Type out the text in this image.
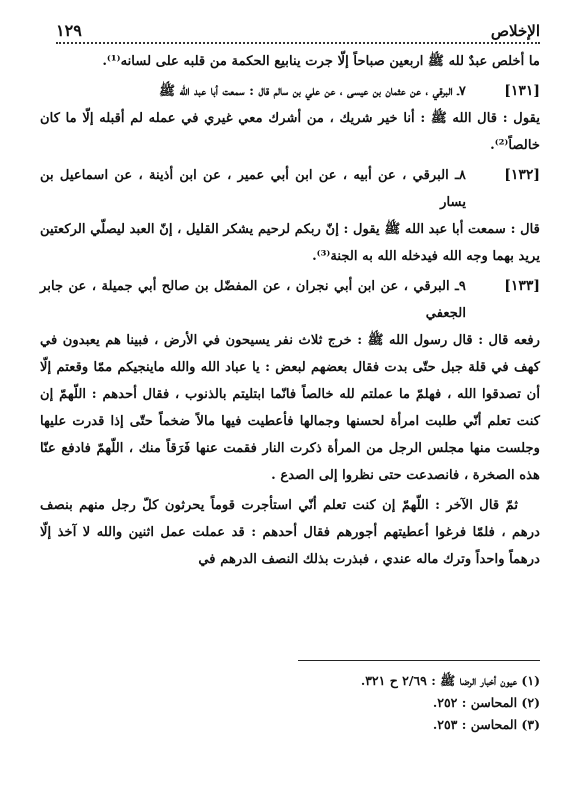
الإخلاص
١٢٩

ما أخلص عبدٌ لله ﷺ اربعين صباحاً إلّا جرت ينابيع الحكمة من قلبه على لسانه⁽¹⁾.

[١٣١]
٧ـ البرقي ، عن عثمان بن عيسى ، عن علي بن سالم قال : سمعت أبا عبد الله ﷺ
يقول : قال الله ﷺ : أنا خير شريك ، من أشرك معي غيري في عمله لم أقبله إلّا ما كان خالصاً⁽²⁾.
[١٣٢]
٨ـ البرقي ، عن أبيه ، عن ابن أبي عمير ، عن ابن أذينة ، عن اسماعيل بن يسار
قال : سمعت أبا عبد الله ﷺ يقول : إنّ ربكم لرحيم يشكر القليل ، إنّ العبد ليصلّي الركعتين يريد بهما وجه الله فيدخله الله به الجنة⁽³⁾.
[١٣٣]
٩ـ البرقي ، عن ابن أبي نجران ، عن المفضّل بن صالح أبي جميلة ، عن جابر الجعفي
رفعه قال : قال رسول الله ﷺ : خرج ثلاث نفر يسيحون في الأرض ، فبينا هم يعبدون في كهف في قلة جبل حتّى بدت فقال بعضهم لبعض : يا عباد الله والله ماينجيكم ممّا وقعتم إلّا أن تصدقوا الله ، فهلمّ ما عملتم لله خالصاً فانّما ابتليتم بالذنوب ، فقال أحدهم : اللّهمّ إن كنت تعلم أنّي طلبت امرأة لحسنها وجمالها فأعطيت فيها مالاً ضخماً حتّى إذا قدرت عليها وجلست منها مجلس الرجل من المرأة ذكرت النار فقمت عنها فَرَقاً منك ، اللّهمّ فادفع عنّا هذه الصخرة ، فانصدعت حتى نظروا إلى الصدع .

ثمّ قال الآخر : اللّهمّ إن كنت تعلم أنّي استأجرت قوماً يحرثون كلّ رجل منهم بنصف درهم ، فلمّا فرغوا أعطيتهم أجورهم فقال أحدهم : قد عملت عمل اثنين والله لا آخذ إلّا درهماً واحداً وترك ماله عندي ، فبذرت بذلك النصف الدرهم في

(١) عيون أخبار الرضا ﷺ : ٢/٦٩ ح ٣٢١.
(٢) المحاسن : ٢٥٢.
(٣) المحاسن : ٢٥٣.
